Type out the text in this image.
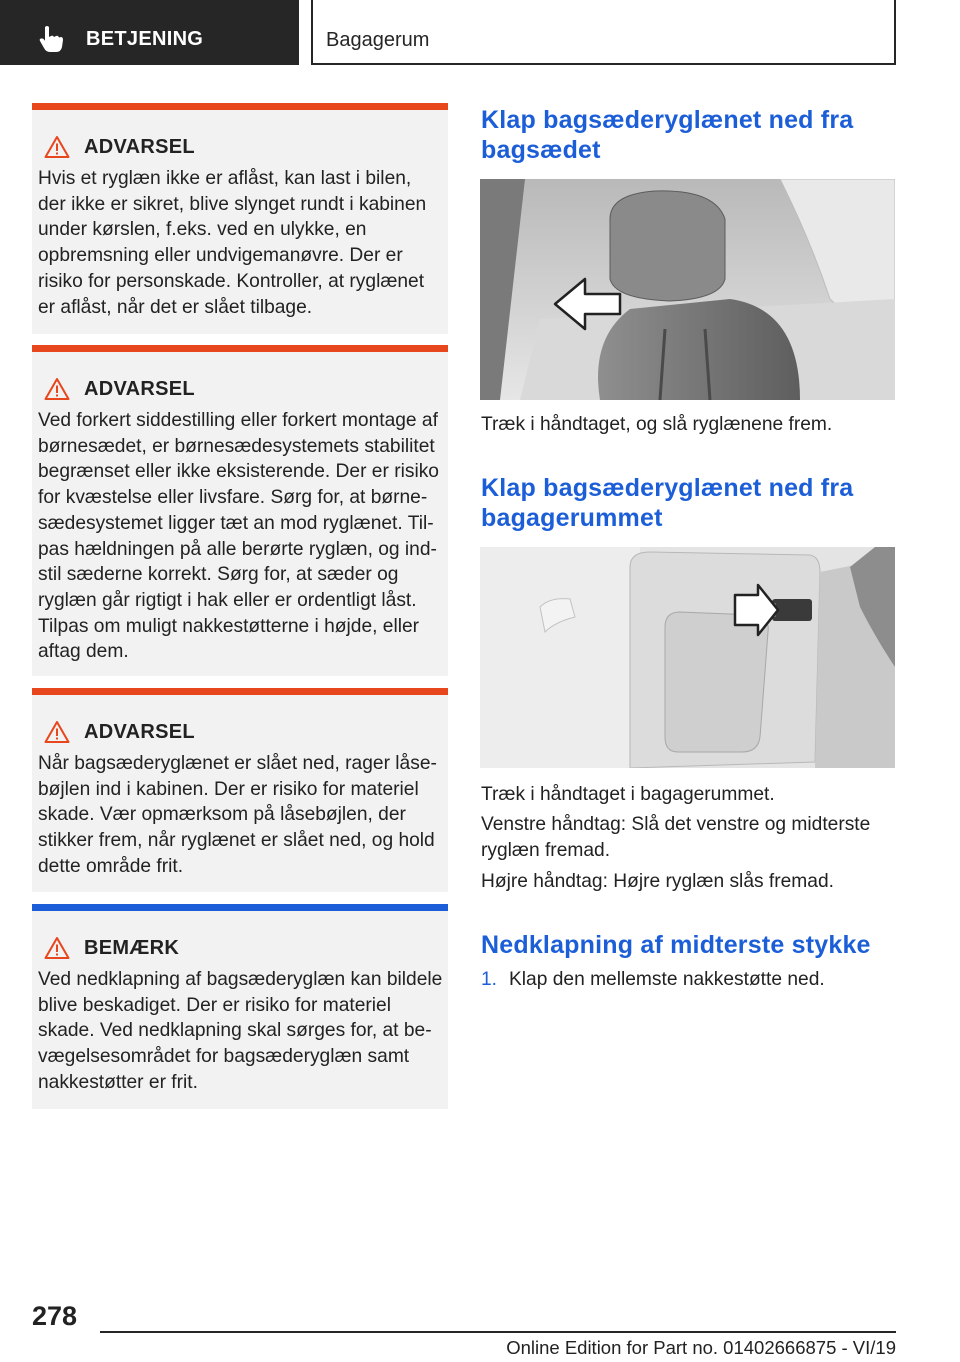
BETJENING	Bagagerum
ADVARSEL
Hvis et ryglæn ikke er aflåst, kan last i bilen, der ikke er sikret, blive slynget rundt i kabinen under kørslen, f.eks. ved en ulykke, en opbremsning eller undvigemanøvre. Der er risiko for personskade. Kontroller, at ryglænet er aflåst, når det er slået tilbage.
ADVARSEL
Ved forkert siddestilling eller forkert montage af børnesædet, er børnesædesystemets stabilitet begrænset eller ikke eksisterende. Der er risiko for kvæstelse eller livsfare. Sørg for, at børnesædesystemet ligger tæt an mod ryglænet. Tilpas hældningen på alle berørte ryglæn, og indstil sæderne korrekt. Sørg for, at sæder og ryglæn går rigtigt i hak eller er ordentligt låst. Tilpas om muligt nakkestøtterne i højde, eller aftag dem.
ADVARSEL
Når bagsæderyglænet er slået ned, rager låsebøjlen ind i kabinen. Der er risiko for materiel skade. Vær opmærksom på låsebøjlen, der stikker frem, når ryglænet er slået ned, og hold dette område frit.
BEMÆRK
Ved nedklapning af bagsæderyglæn kan bildele blive beskadiget. Der er risiko for materiel skade. Ved nedklapning skal sørges for, at bevægelsesområdet for bagsæderyglæn samt nakkestøtter er frit.
Klap bagsæderyglænet ned fra bagsædet
Træk i håndtaget, og slå ryglænene frem.
Klap bagsæderyglænet ned fra bagagerummet
Træk i håndtaget i bagagerummet.
Venstre håndtag: Slå det venstre og midterste ryglæn fremad.
Højre håndtag: Højre ryglæn slås fremad.
Nedklapning af midterste stykke
1. Klap den mellemste nakkestøtte ned.
278
Online Edition for Part no. 01402666875 - VI/19
